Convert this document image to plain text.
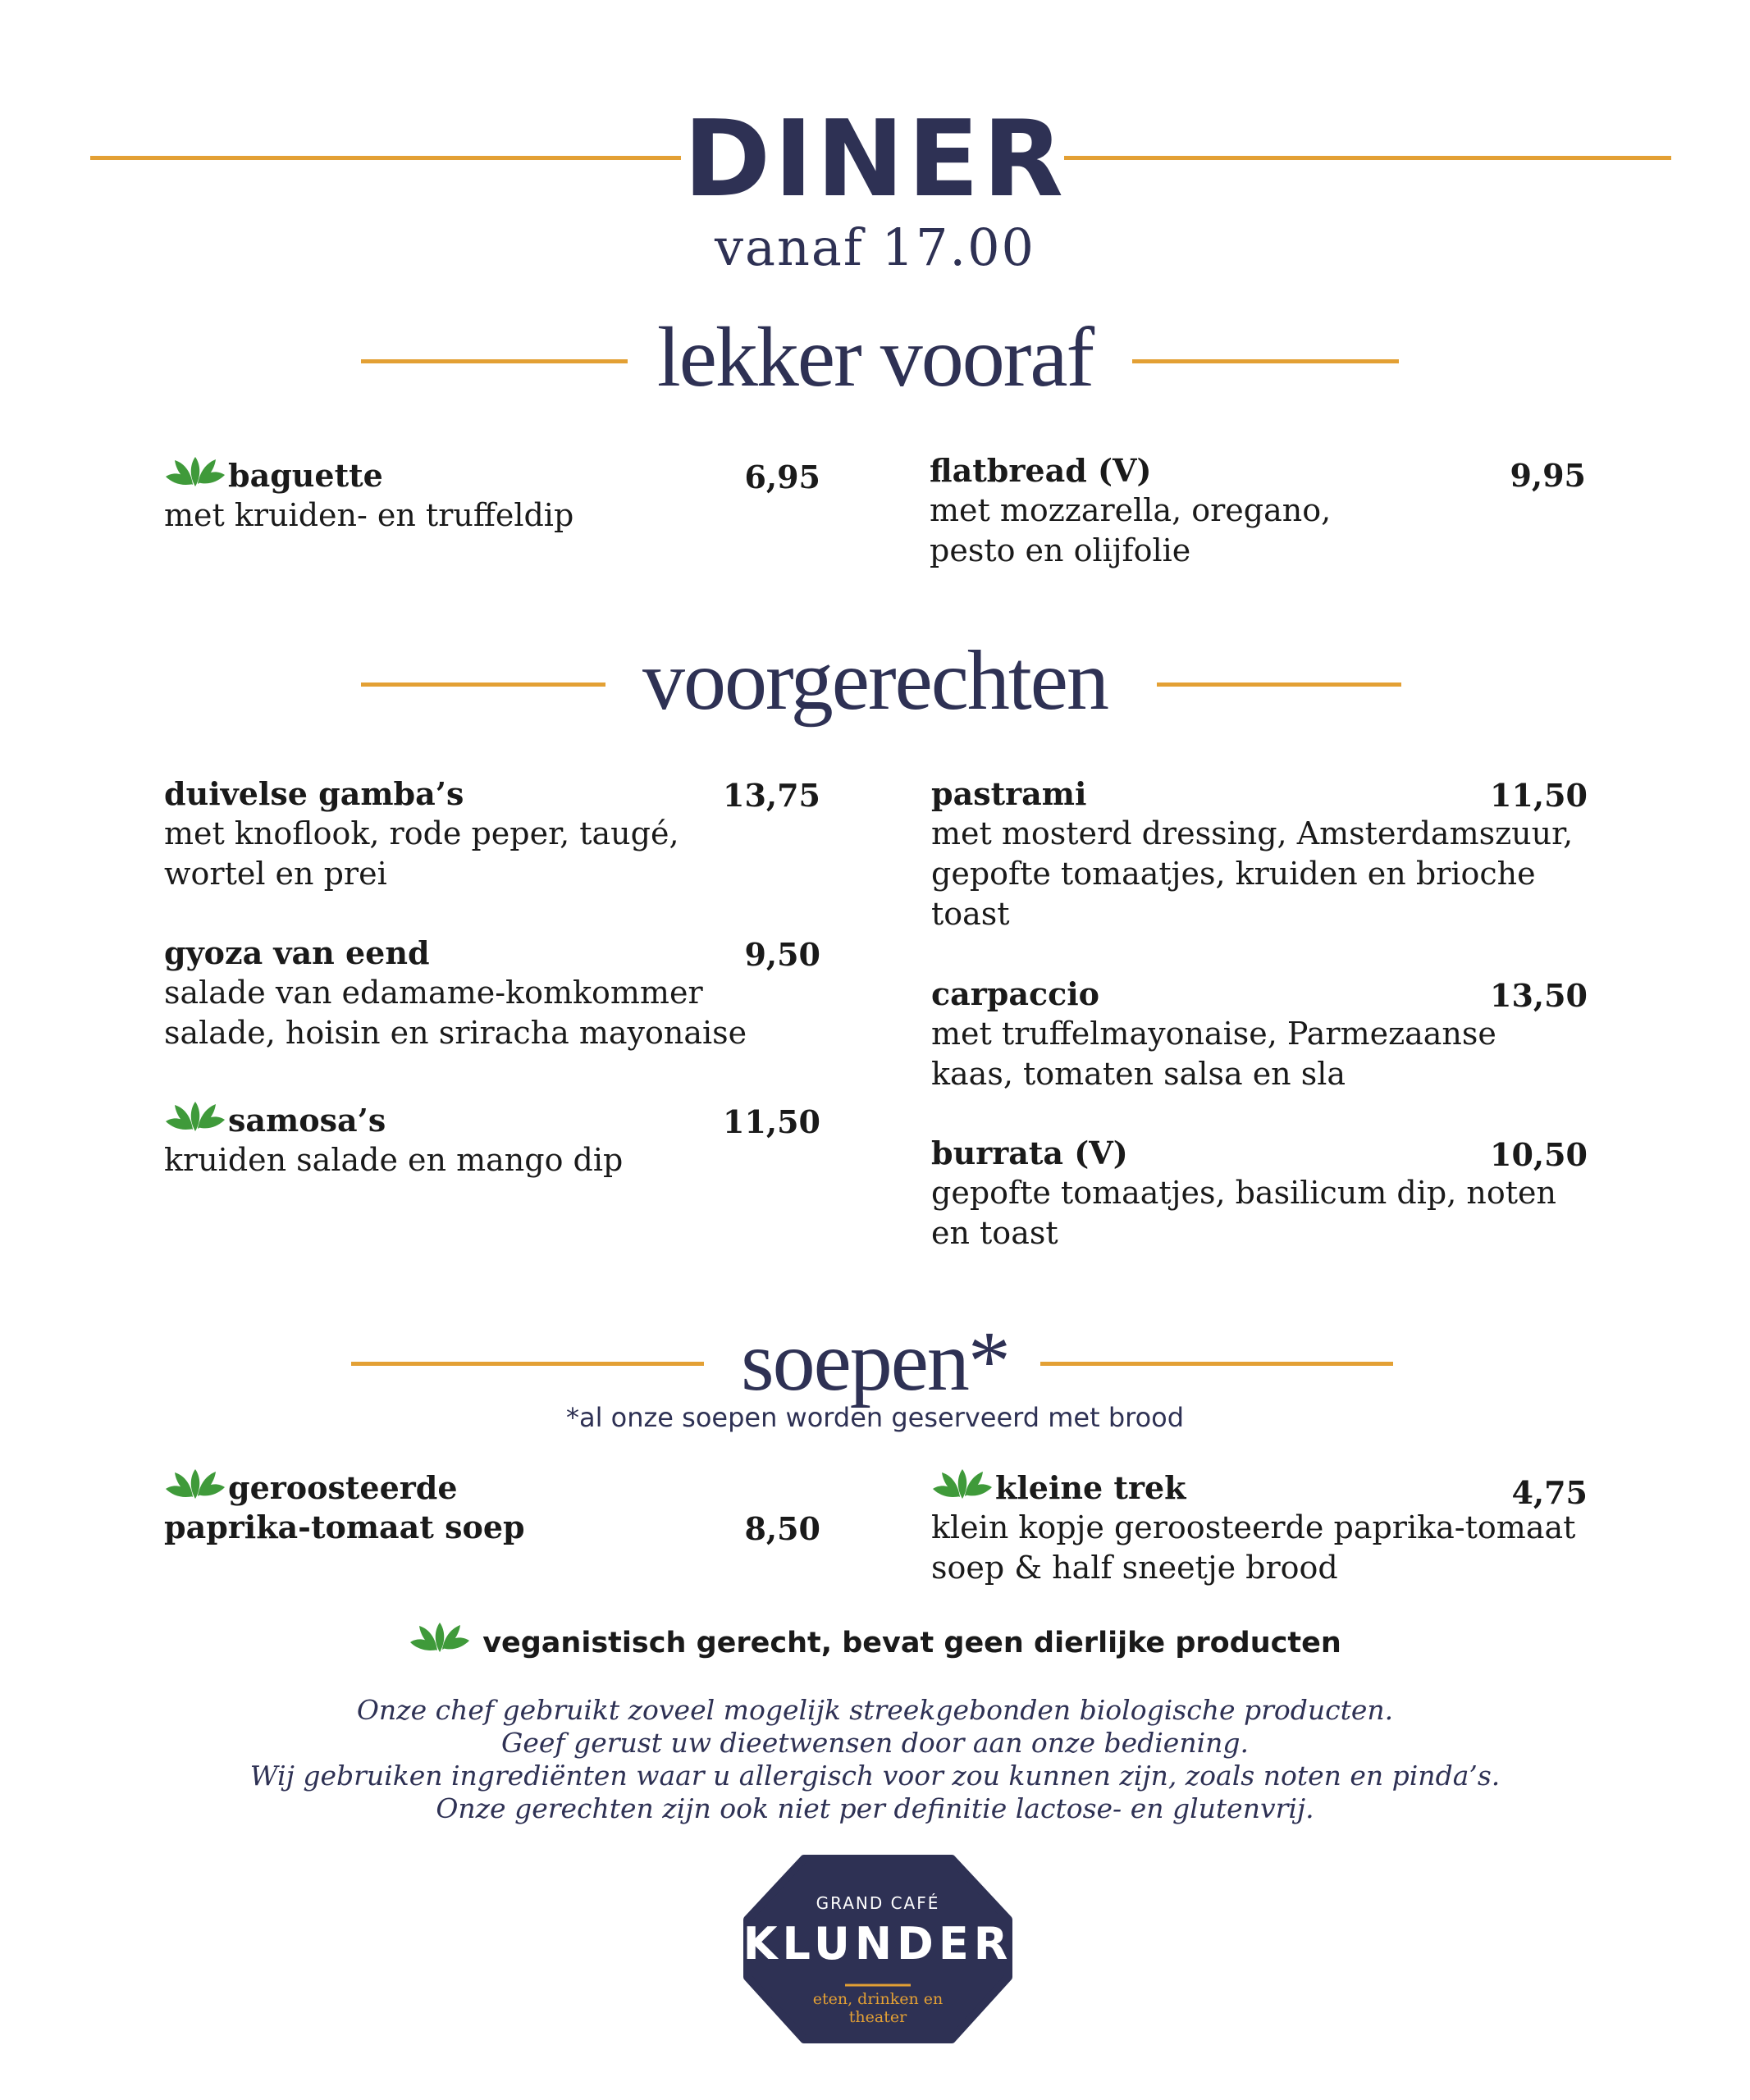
DINER
vanaf 17.00
lekker vooraf
baguette	6,95
met kruiden- en truffeldip
flatbread (V)	9,95
met mozzarella, oregano,
pesto en olijfolie
voorgerechten
duivelse gamba’s	13,75
met knoflook, rode peper, taugé,
wortel en prei
gyoza van eend	9,50
salade van edamame-komkommer
salade, hoisin en sriracha mayonaise
samosa’s	11,50
kruiden salade en mango dip
pastrami	11,50
met mosterd dressing, Amsterdamszuur,
gepofte tomaatjes, kruiden en brioche
toast
carpaccio	13,50
met truffelmayonaise, Parmezaanse
kaas, tomaten salsa en sla
burrata (V)	10,50
gepofte tomaatjes, basilicum dip, noten
en toast
soepen*
*al onze soepen worden geserveerd met brood
geroosteerde
8,50
paprika-tomaat soep
kleine trek	4,75
klein kopje geroosteerde paprika-tomaat
soep & half sneetje brood
veganistisch gerecht, bevat geen dierlijke producten
Onze chef gebruikt zoveel mogelijk streekgebonden biologische producten.
Geef gerust uw dieetwensen door aan onze bediening.
Wij gebruiken ingrediënten waar u allergisch voor zou kunnen zijn, zoals noten en pinda’s.
Onze gerechten zijn ook niet per definitie lactose- en glutenvrij.
GRAND CAFÉ
KLUNDER
eten, drinken en
theater
